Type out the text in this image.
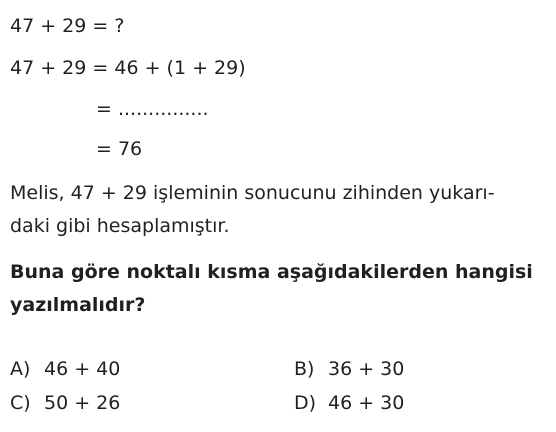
47 + 29 = ?
47 + 29 = 46 + (1 + 29)
= ...............
= 76
Melis, 47 + 29 işleminin sonucunu zihinden yukarı-
daki gibi hesaplamıştır.
Buna göre noktalı kısma aşağıdakilerden hangisi
yazılmalıdır?
A) 46 + 40	B) 36 + 30
C) 50 + 26	D) 46 + 30
